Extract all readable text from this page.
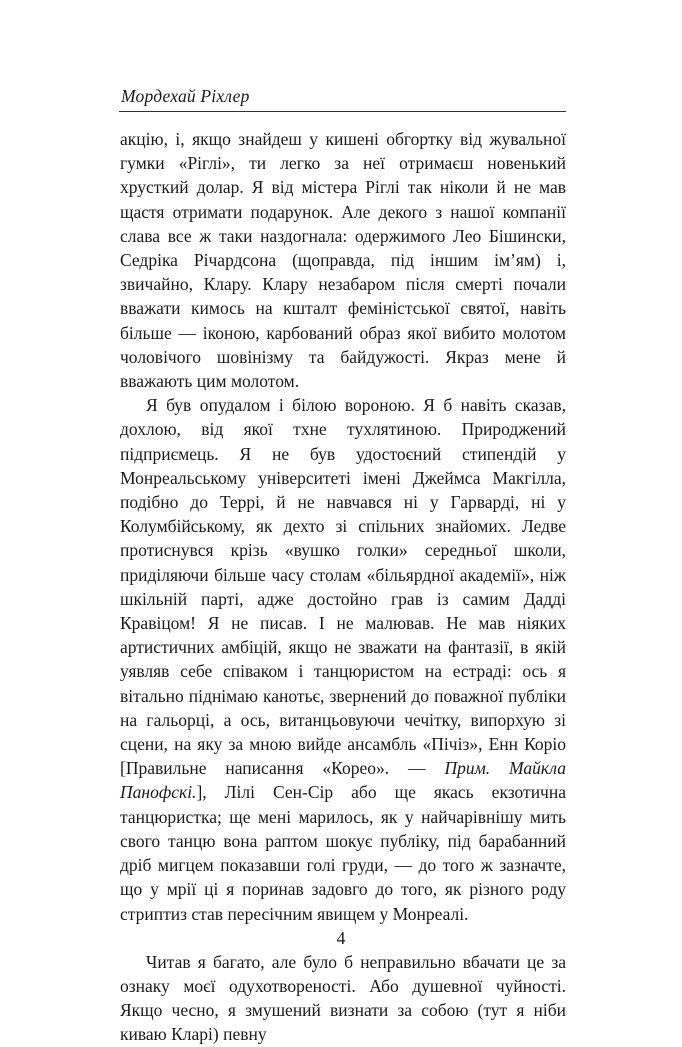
Мордехай Ріхлер

акцію, і, якщо знайдеш у кишені обгортку від жувальної гумки «Рiглi», ти легко за неї отримаєш новенький хрусткий долар. Я від містера Рiглi так ніколи й не мав щастя отримати подарунок. Але декого з нашої компанії слава все ж таки наздогнала: одержимого Лео Бішински, Седріка Річардсона (щоправда, під іншим ім’ям) і, звичайно, Клару. Клару незабаром після смерті почали вважати кимось на кшталт феміністської святої, навіть більше — іконою, карбований образ якої вибито молотом чоловічого шовінізму та байдужості. Якраз мене й вважають цим молотом.

Я був опудалом і білою вороною. Я б навіть сказав, дохлою, від якої тхне тухлятиною. Природжений підприємець. Я не був удостоєний стипендій у Монреальському університеті імені Джеймса Макгілла, подібно до Террі, й не навчався ні у Гарварді, ні у Колумбійському, як дехто зі спільних знайомих. Ледве протиснувся крізь «вушко голки» середньої школи, приділяючи більше часу столам «більярдної академії», ніж шкільній парті, адже достойно грав із самим Дадді Кравіцом! Я не писав. І не малював. Не мав ніяких артистичних амбіцій, якщо не зважати на фантазії, в якій уявляв себе співаком і танцюристом на естраді: ось я вітально піднімаю канотьє, звернений до поважної публіки на гальорці, а ось, витанцьовуючи чечітку, випорхую зі сцени, на яку за мною вийде ансамбль «Пічіз», Енн Коріо [Правильне написання «Кореo». — Прим. Майкла Панофскі.], Лілі Сен-Сір або ще якась екзотична танцюристка; ще мені марилось, як у найчарівнішу мить свого танцю вона раптом шокує публіку, під барабанний дріб мигцем показавши голі груди, — до того ж зазначте, що у мрії ці я поринав задовго до того, як різного роду стриптиз став пересічним явищем у Монреалі.

Читав я багато, але було б неправильно вбачати це за ознаку моєї одухотвореності. Або душевної чуйності. Якщо чесно, я змушений визнати за собою (тут я ніби киваю Кларі) певну

4
